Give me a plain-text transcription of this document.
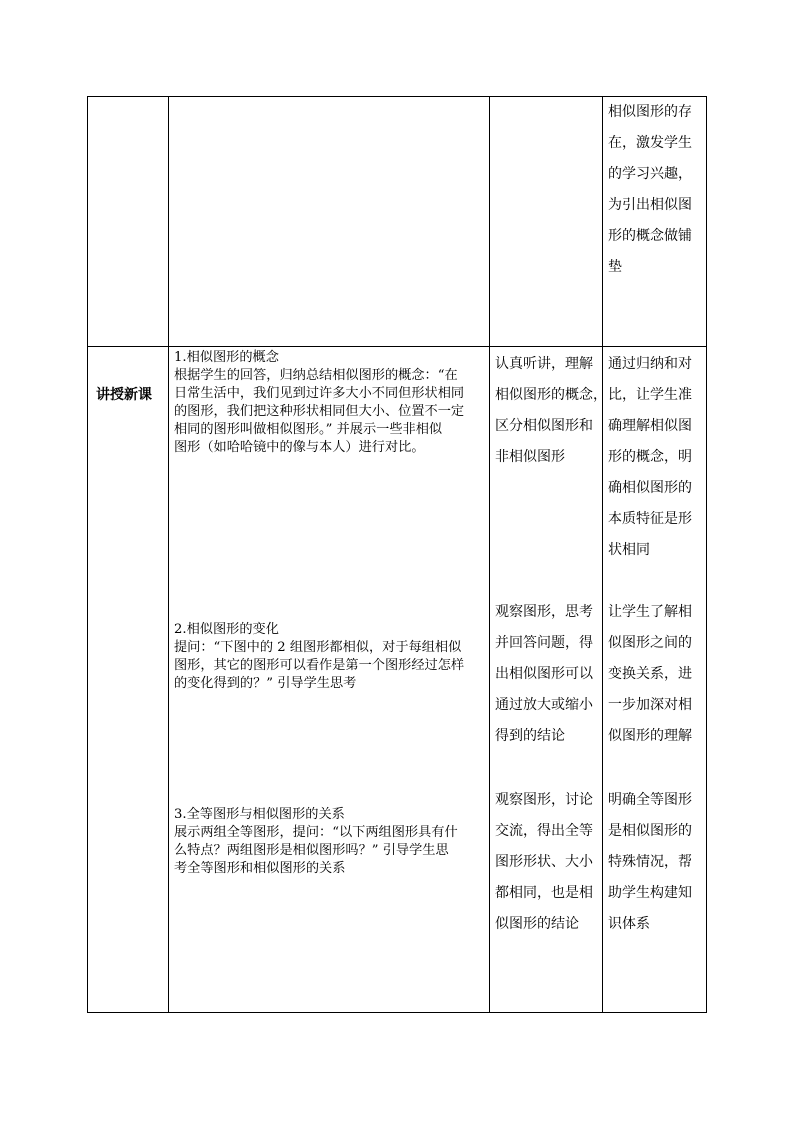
相似图形的存
在，激发学生
的学习兴趣，
为引出相似图
形的概念做铺
垫
讲授新课
1.相似图形的概念
根据学生的回答，归纳总结相似图形的概念：“在
日常生活中，我们见到过许多大小不同但形状相同
的图形，我们把这种形状相同但大小、位置不一定
相同的图形叫做相似图形。” 并展示一些非相似
图形（如哈哈镜中的像与本人）进行对比。
认真听讲，理解
相似图形的概念，
区分相似图形和
非相似图形
通过归纳和对
比，让学生准
确理解相似图
形的概念，明
确相似图形的
本质特征是形
状相同
2.相似图形的变化
提问：“下图中的 2 组图形都相似，对于每组相似
图形，其它的图形可以看作是第一个图形经过怎样
的变化得到的？” 引导学生思考
观察图形，思考
并回答问题，得
出相似图形可以
通过放大或缩小
得到的结论
让学生了解相
似图形之间的
变换关系，进
一步加深对相
似图形的理解
3.全等图形与相似图形的关系
展示两组全等图形，提问：“以下两组图形具有什
么特点？两组图形是相似图形吗？” 引导学生思
考全等图形和相似图形的关系
观察图形，讨论
交流，得出全等
图形形状、大小
都相同，也是相
似图形的结论
明确全等图形
是相似图形的
特殊情况，帮
助学生构建知
识体系
